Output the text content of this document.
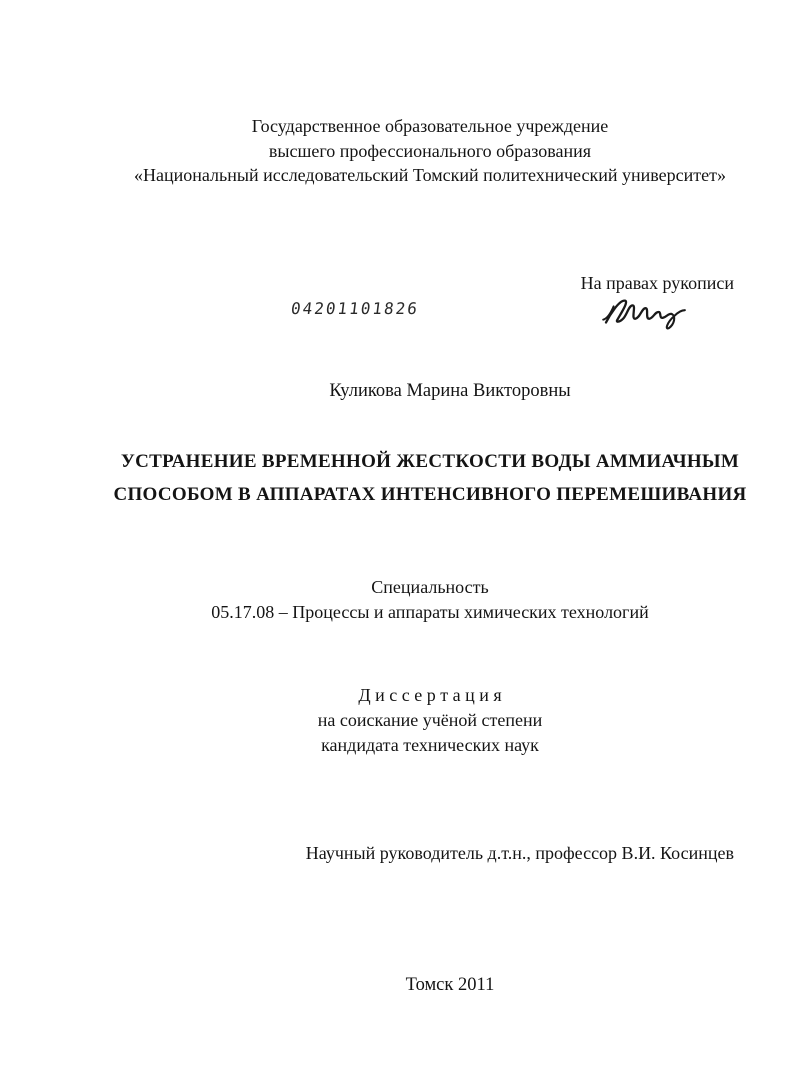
Государственное образовательное учреждение
высшего профессионального образования
«Национальный исследовательский Томский политехнический университет»
На правах рукописи
04201101826
Куликова Марина Викторовны
УСТРАНЕНИЕ ВРЕМЕННОЙ ЖЕСТКОСТИ ВОДЫ АММИАЧНЫМ
СПОСОБОМ В АППАРАТАХ ИНТЕНСИВНОГО ПЕРЕМЕШИВАНИЯ
Специальность
05.17.08 – Процессы и аппараты химических технологий
Д и с с е р т а ц и я
на соискание учёной степени
кандидата технических наук
Научный руководитель д.т.н., профессор В.И. Косинцев
Томск 2011
